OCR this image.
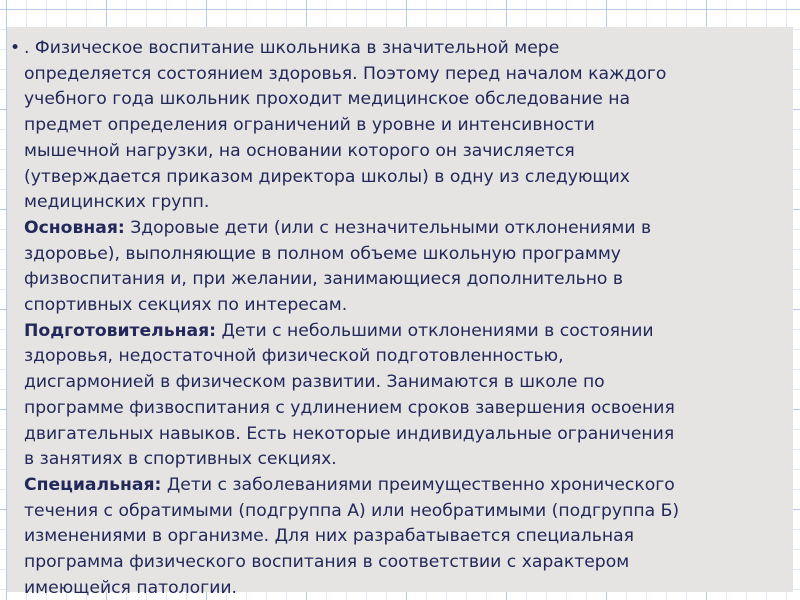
• . Физическое воспитание школьника в значительной мере
определяется состоянием здоровья. Поэтому перед началом каждого
учебного года школьник проходит медицинское обследование на
предмет определения ограничений в уровне и интенсивности
мышечной нагрузки, на основании которого он зачисляется
(утверждается приказом директора школы) в одну из следующих
медицинских групп.
Основная: Здоровые дети (или с незначительными отклонениями в
здоровье), выполняющие в полном объеме школьную программу
физвоспитания и, при желании, занимающиеся дополнительно в
спортивных секциях по интересам.
Подготовительная: Дети с небольшими отклонениями в состоянии
здоровья, недостаточной физической подготовленностью,
дисгармонией в физическом развитии. Занимаются в школе по
программе физвоспитания с удлинением сроков завершения освоения
двигательных навыков. Есть некоторые индивидуальные ограничения
в занятиях в спортивных секциях.
Специальная: Дети с заболеваниями преимущественно хронического
течения с обратимыми (подгруппа А) или необратимыми (подгруппа Б)
изменениями в организме. Для них разрабатывается специальная
программа физического воспитания в соответствии с характером
имеющейся патологии.
